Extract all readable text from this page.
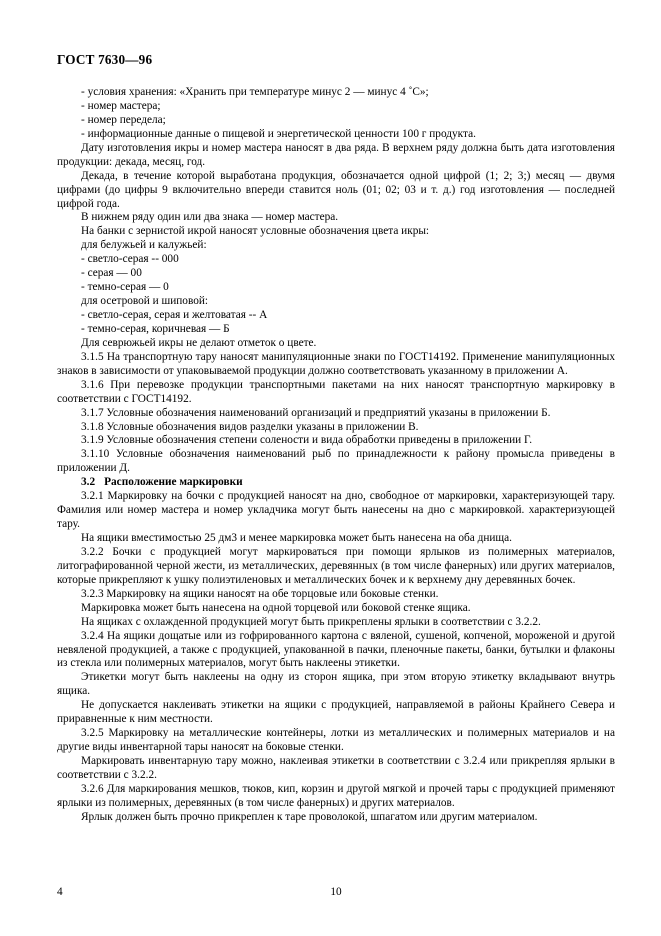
ГОСТ 7630—96

- условия хранения: «Хранить при температуре минус 2 — минус 4 ˚С»;

- номер мастера;

- номер передела;

- информационные данные о пищевой и энергетической ценности 100 г продукта.

Дату изготовления икры и номер мастера наносят в два ряда. В верхнем ряду должна быть дата изготовления продукции: декада, месяц, год.

Декада, в течение которой выработана продукция, обозначается одной цифрой (1; 2; 3;) месяц — двумя цифрами (до цифры 9 включительно впереди ставится ноль (01; 02; 03 и т. д.) год изготовления — последней цифрой года.

В нижнем ряду один или два знака — номер мастера.

На банки с зернистой икрой наносят условные обозначения цвета икры:

для белужьей и калужьей:

- светло-серая -- 000

- серая — 00

- темно-серая — 0

для осетровой и шиповой:

- светло-серая, серая и желтоватая -- А

- темно-серая, коричневая — Б

Для севрюжьей икры не делают отметок о цвете.

3.1.5 На транспортную тару наносят манипуляционные знаки по ГОСТ14192. Применение манипуляционных знаков в зависимости от упаковываемой продукции должно соответствовать указанному в приложении А.

3.1.6 При перевозке продукции транспортными пакетами на них наносят транспортную маркировку в соответствии с ГОСТ14192.

3.1.7 Условные обозначения наименований организаций и предприятий указаны в приложении Б.

3.1.8 Условные обозначения видов разделки указаны в приложении В.

3.1.9 Условные обозначения степени солености и вида обработки приведены в приложении Г.

3.1.10 Условные обозначения наименований рыб по принадлежности к району промысла приведены в приложении Д.

3.2 Расположение маркировки

3.2.1 Маркировку на бочки с продукцией наносят на дно, свободное от маркировки, характеризующей тару. Фамилия или номер мастера и номер укладчика могут быть нанесены на дно с маркировкой. характеризующей тару.

На ящики вместимостью 25 дм3 и менее маркировка может быть нанесена на оба днища.

3.2.2 Бочки с продукцией могут маркироваться при помощи ярлыков из полимерных материалов, литографированной черной жести, из металлических, деревянных (в том числе фанерных) или других материалов, которые прикрепляют к ушку полиэтиленовых и металлических бочек и к верхнему дну деревянных бочек.

3.2.3 Маркировку на ящики наносят на обе торцовые или боковые стенки.

Маркировка может быть нанесена на одной торцевой или боковой стенке ящика.

На ящиках с охлажденной продукцией могут быть прикреплены ярлыки в соответствии с 3.2.2.

3.2.4 На ящики дощатые или из гофрированного картона с вяленой, сушеной, копченой, мороженой и другой невяленой продукцией, а также с продукцией, упакованной в пачки, пленочные пакеты, банки, бутылки и флаконы из стекла или полимерных материалов, могут быть наклеены этикетки.

Этикетки могут быть наклеены на одну из сторон ящика, при этом вторую этикетку вкладывают внутрь ящика.

Не допускается наклеивать этикетки на ящики с продукцией, направляемой в районы Крайнего Севера и приравненные к ним местности.

3.2.5 Маркировку на металлические контейнеры, лотки из металлических и полимерных материалов и на другие виды инвентарной тары наносят на боковые стенки.

Маркировать инвентарную тару можно, наклеивая этикетки в соответствии с 3.2.4 или прикрепляя ярлыки в соответствии с 3.2.2.

3.2.6 Для маркирования мешков, тюков, кип, корзин и другой мягкой и прочей тары с продукцией применяют ярлыки из полимерных, деревянных (в том числе фанерных) и других материалов.

Ярлык должен быть прочно прикреплен к таре проволокой, шпагатом или другим материалом.

4	10
